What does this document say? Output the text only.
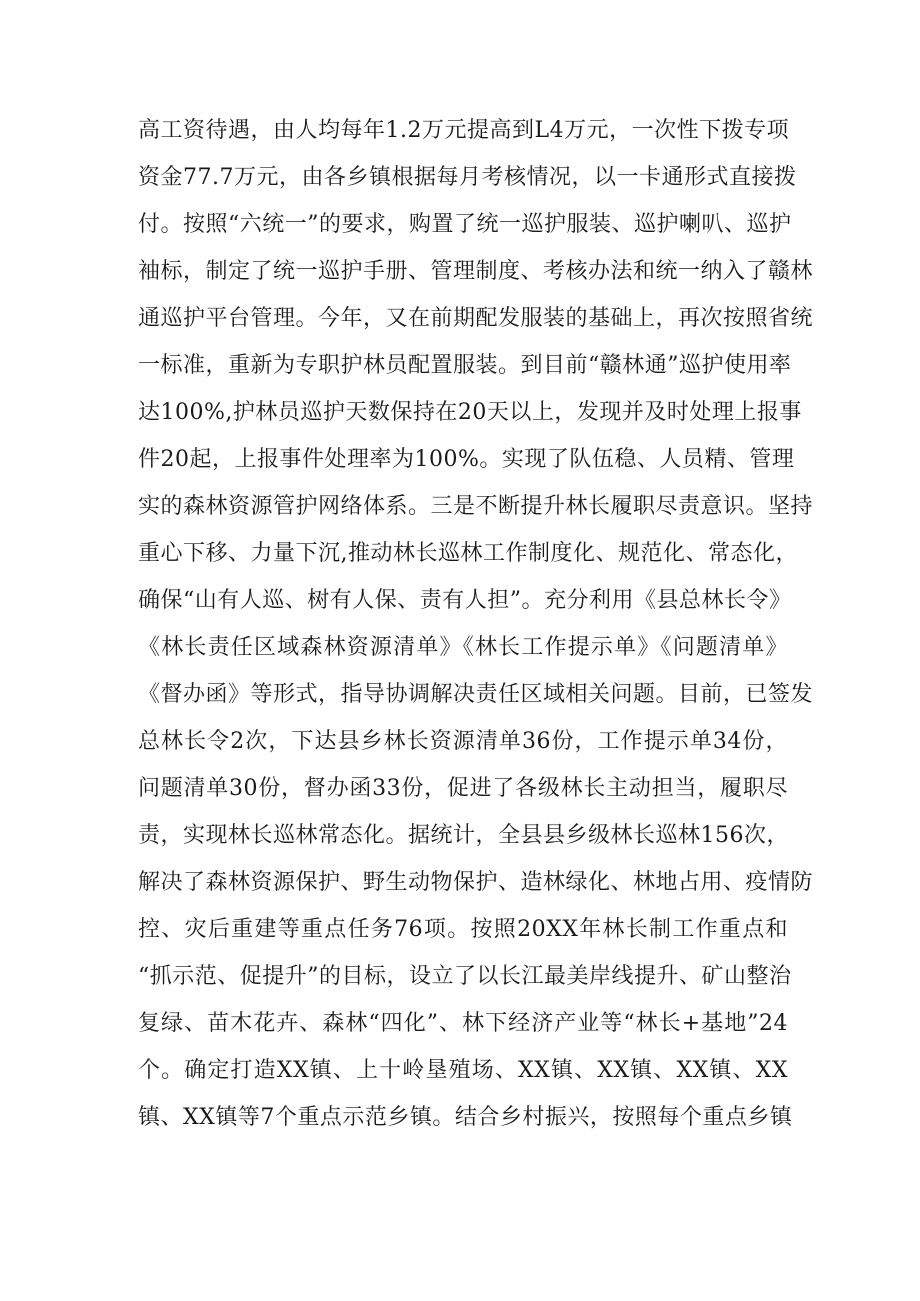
高工资待遇，由人均每年1.2万元提高到L4万元，一次性下拨专项
资金77.7万元，由各乡镇根据每月考核情况，以一卡通形式直接拨
付。按照“六统一”的要求，购置了统一巡护服装、巡护喇叭、巡护
袖标，制定了统一巡护手册、管理制度、考核办法和统一纳入了赣林
通巡护平台管理。今年，又在前期配发服装的基础上，再次按照省统
一标准，重新为专职护林员配置服装。到目前“赣林通”巡护使用率
达100%,护林员巡护天数保持在20天以上，发现并及时处理上报事
件20起，上报事件处理率为100%。实现了队伍稳、人员精、管理
实的森林资源管护网络体系。三是不断提升林长履职尽责意识。坚持
重心下移、力量下沉,推动林长巡林工作制度化、规范化、常态化，
确保“山有人巡、树有人保、责有人担”。充分利用《县总林长令》
《林长责任区域森林资源清单》《林长工作提示单》《问题清单》
《督办函》等形式，指导协调解决责任区域相关问题。目前，已签发
总林长令2次，下达县乡林长资源清单36份，工作提示单34份，
问题清单30份，督办函33份，促进了各级林长主动担当，履职尽
责，实现林长巡林常态化。据统计，全县县乡级林长巡林156次，
解决了森林资源保护、野生动物保护、造林绿化、林地占用、疫情防
控、灾后重建等重点任务76项。按照20XX年林长制工作重点和
“抓示范、促提升”的目标，设立了以长江最美岸线提升、矿山整治
复绿、苗木花卉、森林“四化”、林下经济产业等“林长+基地”24
个。确定打造XX镇、上十岭垦殖场、XX镇、XX镇、XX镇、XX
镇、XX镇等7个重点示范乡镇。结合乡村振兴，按照每个重点乡镇
